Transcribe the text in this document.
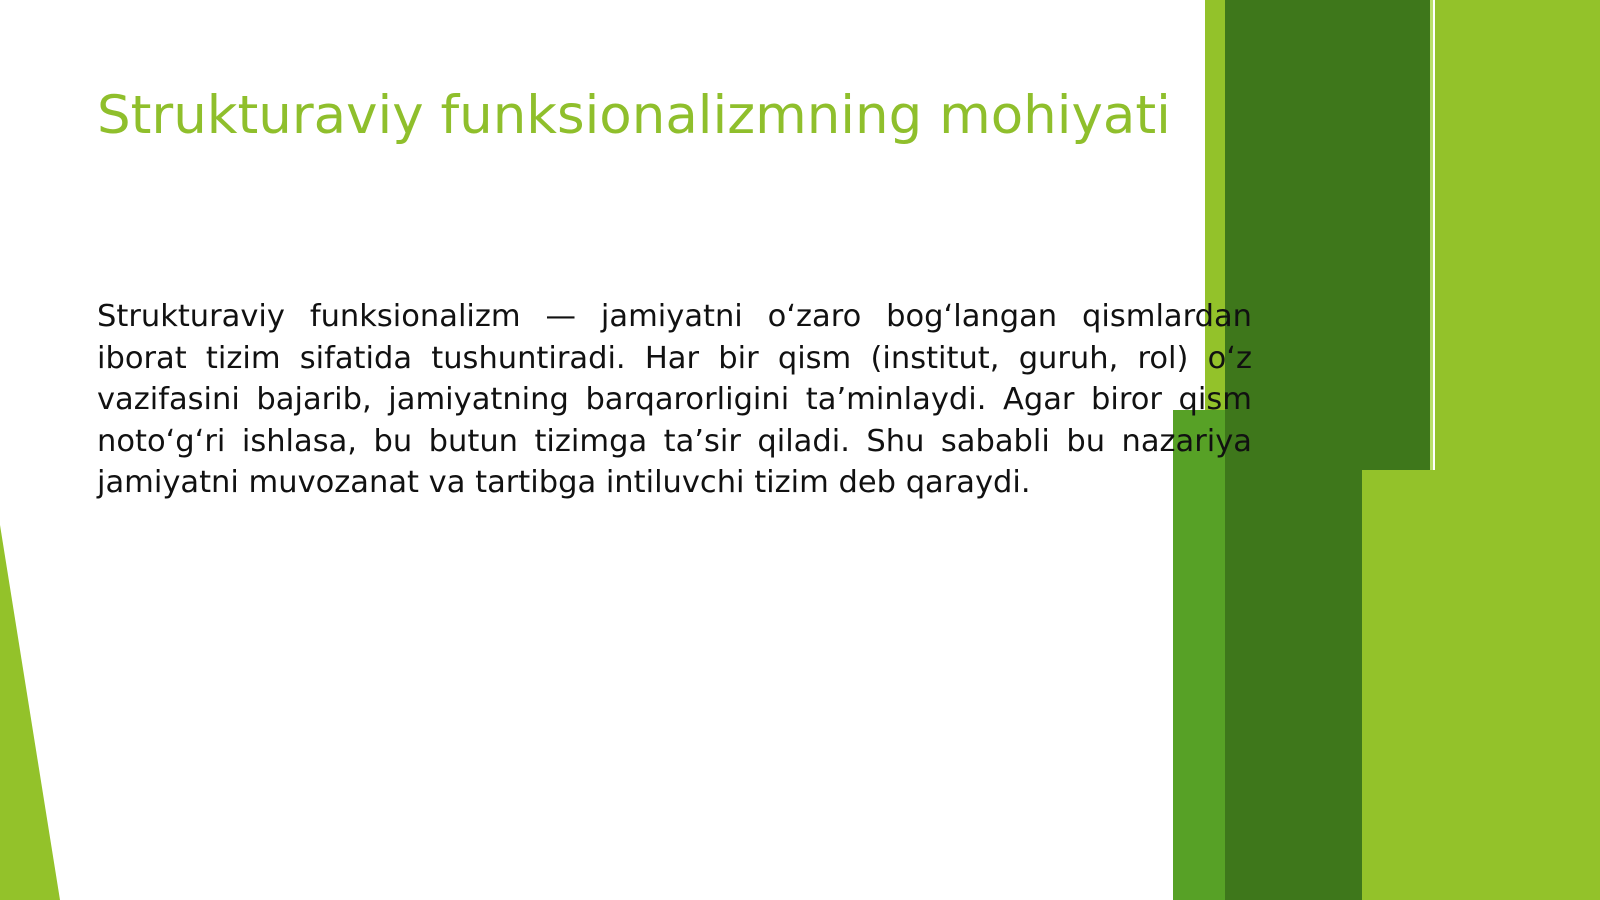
Strukturaviy funksionalizmning mohiyati

Strukturaviy funksionalizm — jamiyatni o‘zaro bog‘langan qismlardan iborat tizim sifatida tushuntiradi. Har bir qism (institut, guruh, rol) o‘z vazifasini bajarib, jamiyatning barqarorligini ta’minlaydi. Agar biror qism noto‘g‘ri ishlasa, bu butun tizimga ta’sir qiladi. Shu sababli bu nazariya jamiyatni muvozanat va tartibga intiluvchi tizim deb qaraydi.
